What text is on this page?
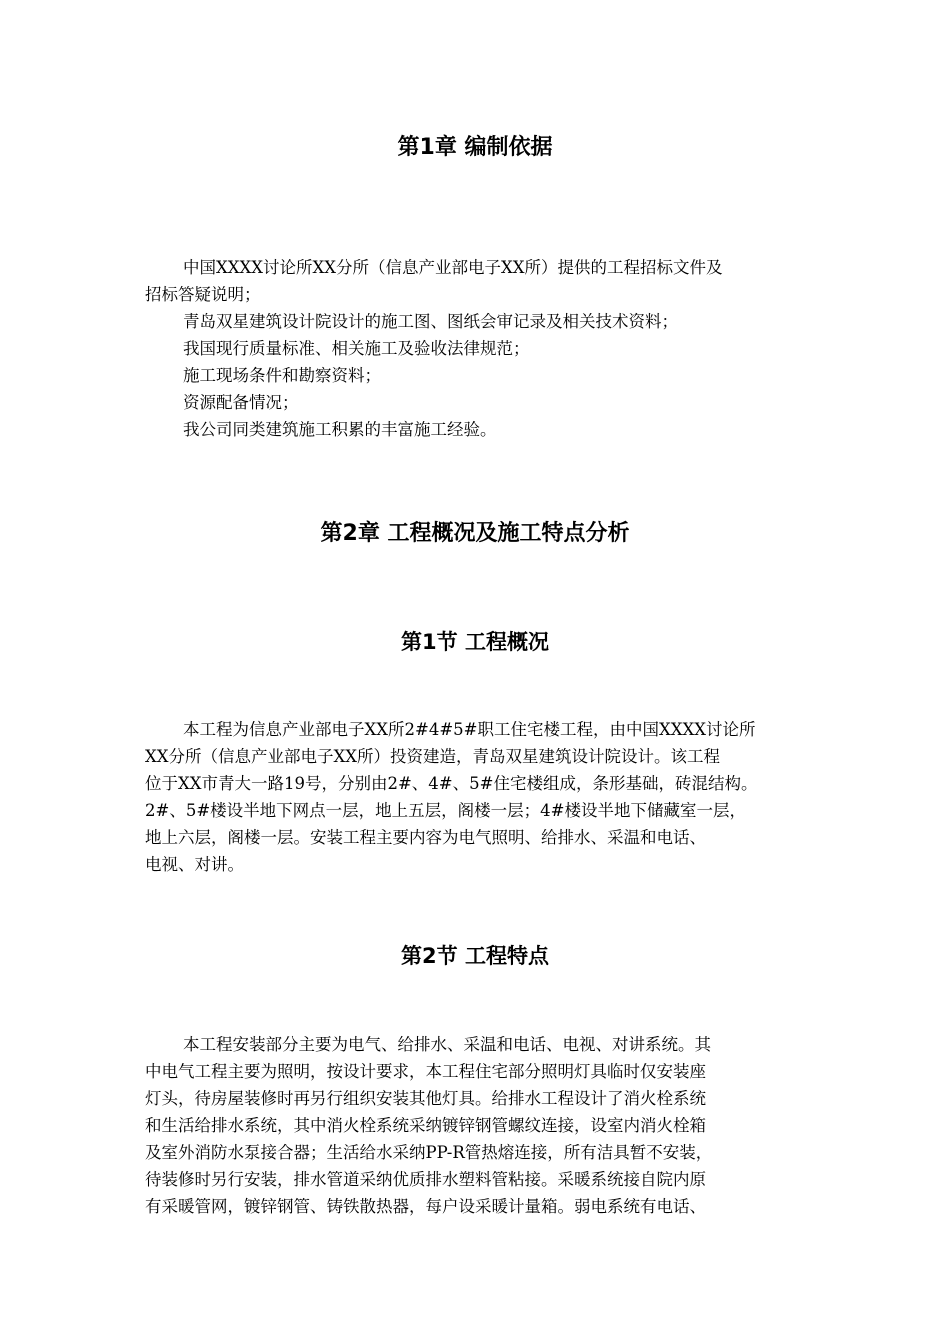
第1章 编制依据

中国XXXX讨论所XX分所（信息产业部电子XX所）提供的工程招标文件及

招标答疑说明；

青岛双星建筑设计院设计的施工图、图纸会审记录及相关技术资料；

我国现行质量标准、相关施工及验收法律规范；

施工现场条件和勘察资料；

资源配备情况；

我公司同类建筑施工积累的丰富施工经验。

第2章 工程概况及施工特点分析
第1节 工程概况

本工程为信息产业部电子XX所2#4#5#职工住宅楼工程，由中国XXXX讨论所

XX分所（信息产业部电子XX所）投资建造，青岛双星建筑设计院设计。该工程

位于XX市青大一路19号，分别由2#、4#、5#住宅楼组成，条形基础，砖混结构。

2#、5#楼设半地下网点一层，地上五层，阁楼一层；4#楼设半地下储藏室一层，

地上六层，阁楼一层。安装工程主要内容为电气照明、给排水、采温和电话、

电视、对讲。

第2节 工程特点

本工程安装部分主要为电气、给排水、采温和电话、电视、对讲系统。其

中电气工程主要为照明，按设计要求，本工程住宅部分照明灯具临时仅安装座

灯头，待房屋装修时再另行组织安装其他灯具。给排水工程设计了消火栓系统

和生活给排水系统，其中消火栓系统采纳镀锌钢管螺纹连接，设室内消火栓箱

及室外消防水泵接合器；生活给水采纳PP-R管热熔连接，所有洁具暂不安装，

待装修时另行安装，排水管道采纳优质排水塑料管粘接。采暖系统接自院内原

有采暖管网，镀锌钢管、铸铁散热器，每户设采暖计量箱。弱电系统有电话、
